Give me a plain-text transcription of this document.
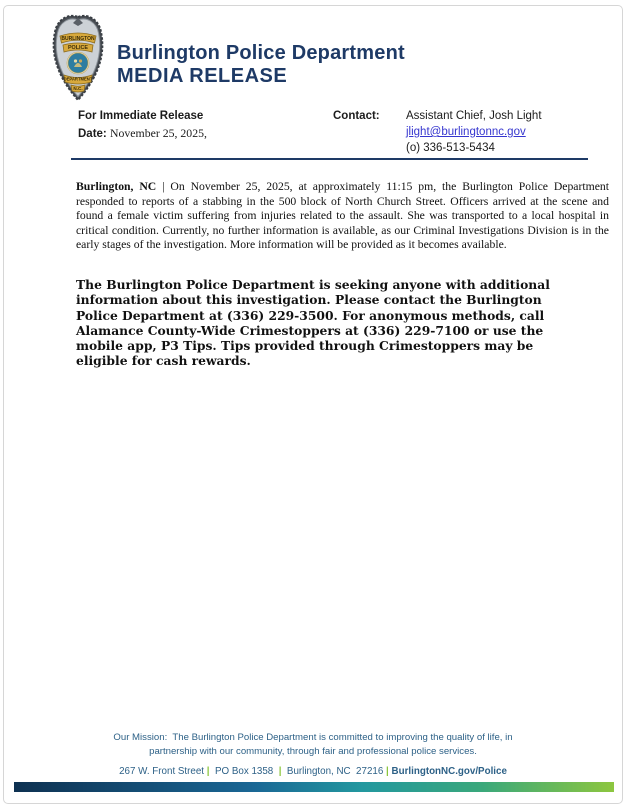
BURLINGTON
POLICE
DEPARTMENT
N.C.
Burlington Police Department
MEDIA RELEASE
For Immediate Release
Date: November 25, 2025,
Contact: Assistant Chief, Josh Light
jlight@burlingtonnc.gov
(o) 336-513-5434

Burlington, NC | On November 25, 2025, at approximately 11:15 pm, the Burlington Police Department responded to reports of a stabbing in the 500 block of North Church Street. Officers arrived at the scene and found a female victim suffering from injuries related to the assault. She was transported to a local hospital in critical condition. Currently, no further information is available, as our Criminal Investigations Division is in the early stages of the investigation. More information will be provided as it becomes available.

The Burlington Police Department is seeking anyone with additional information about this investigation. Please contact the Burlington Police Department at (336) 229-3500. For anonymous methods, call Alamance County-Wide Crimestoppers at (336) 229-7100 or use the mobile app, P3 Tips. Tips provided through Crimestoppers may be eligible for cash rewards.

Our Mission:  The Burlington Police Department is committed to improving the quality of life, in
partnership with our community, through fair and professional police services.
267 W. Front Street | PO Box 1358 | Burlington, NC  27216 | BurlingtonNC.gov/Police
